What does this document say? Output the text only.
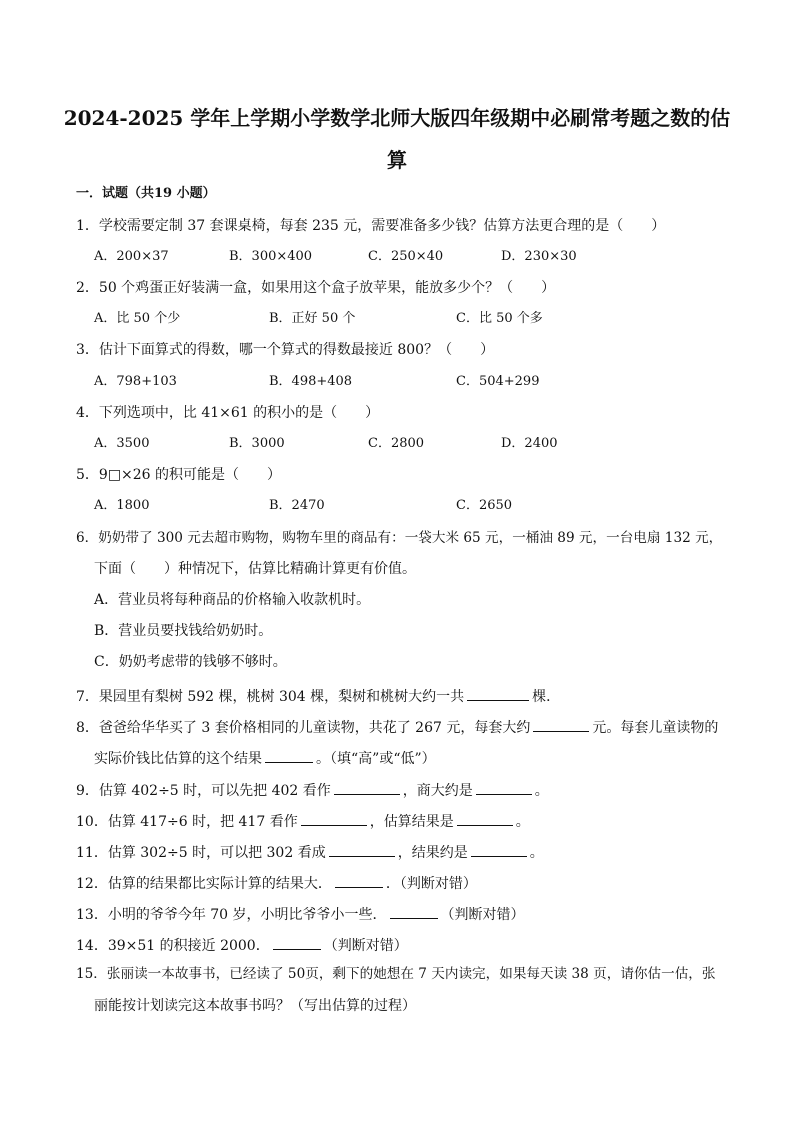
2024-2025 学年上学期小学数学北师大版四年级期中必刷常考题之数的估
算
一．试题（共19 小题）
1．学校需要定制 37 套课桌椅，每套 235 元，需要准备多少钱？估算方法更合理的是（　　）
A．200×37	B．300×400	C．250×40	D．230×30
2．50 个鸡蛋正好装满一盒，如果用这个盒子放苹果，能放多少个？（　　）
A．比 50 个少	B．正好 50 个	C．比 50 个多
3．估计下面算式的得数，哪一个算式的得数最接近 800？（　　）
A．798+103	B．498+408	C．504+299
4．下列选项中，比 41×61 的积小的是（　　）
A．3500	B．3000	C．2800	D．2400
5．9□×26 的积可能是（　　）
A．1800	B．2470	C．2650
6．奶奶带了 300 元去超市购物，购物车里的商品有：一袋大米 65 元，一桶油 89 元，一台电扇 132 元，
下面（　　）种情况下，估算比精确计算更有价值。
A．营业员将每种商品的价格输入收款机时。
B．营业员要找钱给奶奶时。
C．奶奶考虑带的钱够不够时。
7．果园里有梨树 592 棵，桃树 304 棵，梨树和桃树大约一共	棵．
8．爸爸给华华买了 3 套价格相同的儿童读物，共花了 267 元，每套大约	元。每套儿童读物的
实际价钱比估算的这个结果	。（填“高”或“低”）
9．估算 402÷5 时，可以先把 402 看作	，商大约是	。
10．估算 417÷6 时，把 417 看作	，估算结果是	。
11．估算 302÷5 时，可以把 302 看成	，结果约是	。
12．估算的结果都比实际计算的结果大．	．（判断对错）
13．小明的爷爷今年 70 岁，小明比爷爷小一些．	（判断对错）
14．39×51 的积接近 2000．	（判断对错）
15．张丽读一本故事书，已经读了 50页，剩下的她想在 7 天内读完，如果每天读 38 页，请你估一估，张
丽能按计划读完这本故事书吗？（写出估算的过程）
